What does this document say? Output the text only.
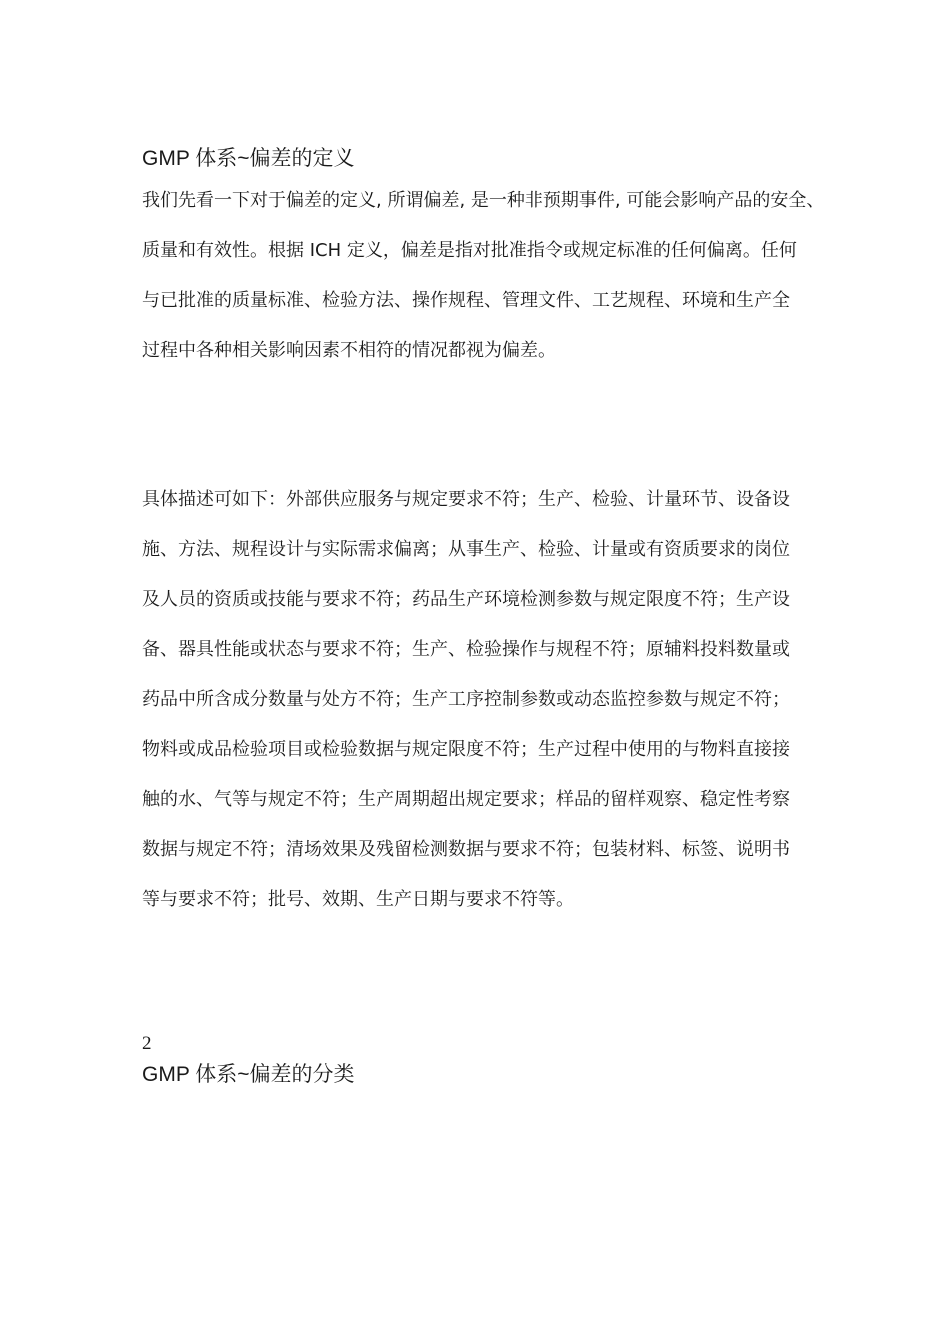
GMP 体系~偏差的定义
我们先看一下对于偏差的定义, 所谓偏差, 是一种非预期事件, 可能会影响产品的安全、
质量和有效性。根据 ICH 定义，偏差是指对批准指令或规定标准的任何偏离。任何
与已批准的质量标准、检验方法、操作规程、管理文件、工艺规程、环境和生产全
过程中各种相关影响因素不相符的情况都视为偏差。
具体描述可如下：外部供应服务与规定要求不符；生产、检验、计量环节、设备设
施、方法、规程设计与实际需求偏离；从事生产、检验、计量或有资质要求的岗位
及人员的资质或技能与要求不符；药品生产环境检测参数与规定限度不符；生产设
备、器具性能或状态与要求不符；生产、检验操作与规程不符；原辅料投料数量或
药品中所含成分数量与处方不符；生产工序控制参数或动态监控参数与规定不符；
物料或成品检验项目或检验数据与规定限度不符；生产过程中使用的与物料直接接
触的水、气等与规定不符；生产周期超出规定要求；样品的留样观察、稳定性考察
数据与规定不符；清场效果及残留检测数据与要求不符；包装材料、标签、说明书
等与要求不符；批号、效期、生产日期与要求不符等。
2
GMP 体系~偏差的分类
